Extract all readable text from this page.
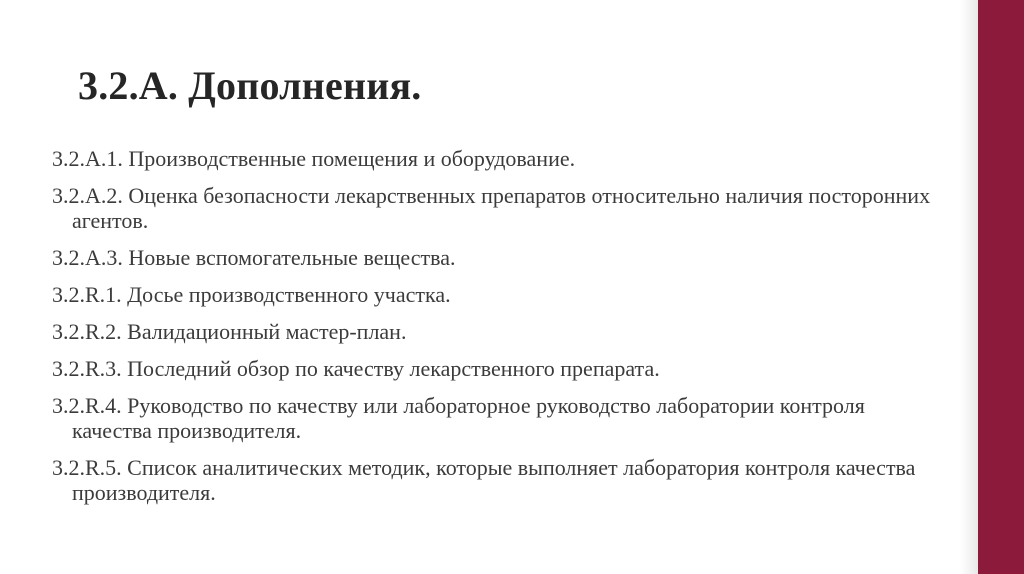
3.2.A. Дополнения.
3.2.A.1. Производственные помещения и оборудование.
3.2.A.2. Оценка безопасности лекарственных препаратов относительно наличия посторонних агентов.
3.2.A.3. Новые вспомогательные вещества.
3.2.R.1. Досье производственного участка.
3.2.R.2. Валидационный мастер-план.
3.2.R.3. Последний обзор по качеству лекарственного препарата.
3.2.R.4. Руководство по качеству или лабораторное руководство лаборатории контроля качества производителя.
3.2.R.5. Список аналитических методик, которые выполняет лаборатория контроля качества производителя.
